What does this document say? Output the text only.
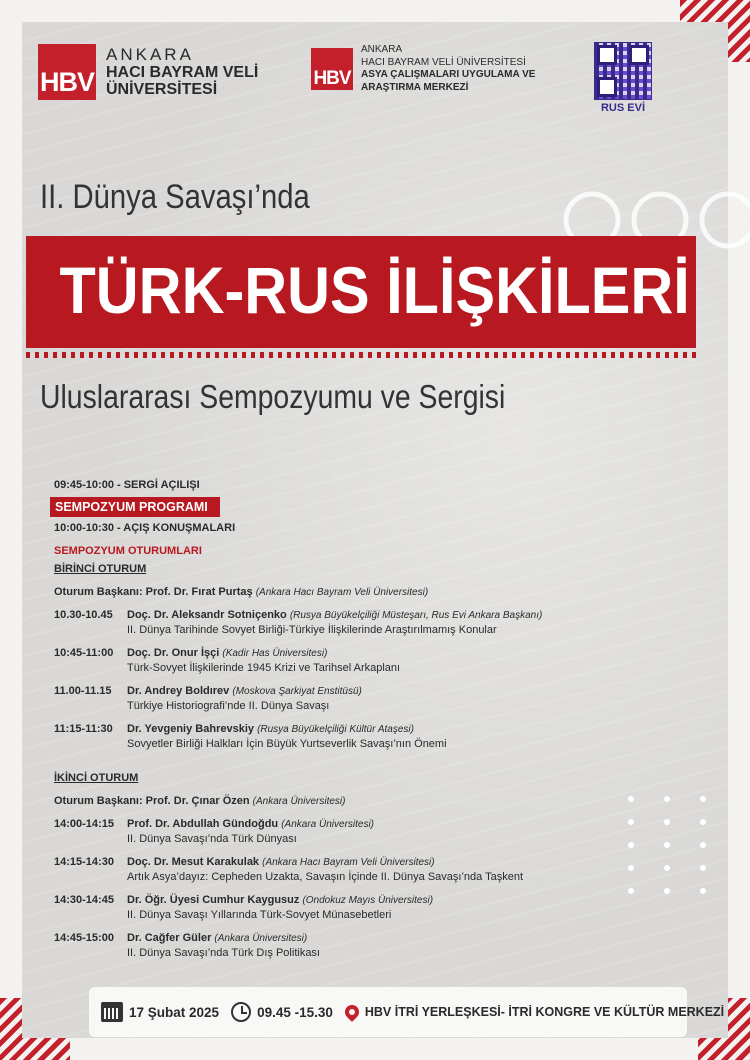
HBV
ANKARA
HACI BAYRAM VELİ
ÜNİVERSİTESİ
HBV
ANKARA
HACI BAYRAM VELİ ÜNİVERSİTESİ
ASYA ÇALIŞMALARI UYGULAMA VE
ARAŞTIRMA MERKEZİ
RUS EVİ
II. Dünya Savaşı’nda
TÜRK-RUS İLİŞKİLERİ
Uluslararası Sempozyumu ve Sergisi
09:45-10:00 - SERGİ AÇILIŞI
SEMPOZYUM PROGRAMI
10:00-10:30 - AÇIŞ KONUŞMALARI
SEMPOZYUM OTURUMLARI
BİRİNCİ OTURUM
Oturum Başkanı: Prof. Dr. Fırat Purtaş (Ankara Hacı Bayram Veli Üniversitesi)
10.30-10.45	Doç. Dr. Aleksandr Sotniçenko (Rusya Büyükelçiliği Müsteşarı, Rus Evi Ankara Başkanı)
II. Dünya Tarihinde Sovyet Birliği-Türkiye İlişkilerinde Araştırılmamış Konular
10:45-11:00	Doç. Dr. Onur İşçi (Kadir Has Üniversitesi)
Türk-Sovyet İlişkilerinde 1945 Krizi ve Tarihsel Arkaplanı
11.00-11.15	Dr. Andrey Boldırev (Moskova Şarkiyat Enstitüsü)
Türkiye Historiografi’nde II. Dünya Savaşı
11:15-11:30	Dr. Yevgeniy Bahrevskiy (Rusya Büyükelçiliği Kültür Ataşesi)
Sovyetler Birliği Halkları İçin Büyük Yurtseverlik Savaşı’nın Önemi
İKİNCİ OTURUM
Oturum Başkanı: Prof. Dr. Çınar Özen (Ankara Üniversitesi)
14:00-14:15	Prof. Dr. Abdullah Gündoğdu (Ankara Üniversitesi)
II. Dünya Savaşı’nda Türk Dünyası
14:15-14:30	Doç. Dr. Mesut Karakulak (Ankara Hacı Bayram Veli Üniversitesi)
Artık Asya’dayız: Cepheden Uzakta, Savaşın İçinde II. Dünya Savaşı’nda Taşkent
14:30-14:45	Dr. Öğr. Üyesi Cumhur Kaygusuz (Ondokuz Mayıs Üniversitesi)
II. Dünya Savaşı Yıllarında Türk-Sovyet Münasebetleri
14:45-15:00	Dr. Cağfer Güler (Ankara Üniversitesi)
II. Dünya Savaşı’nda Türk Dış Politikası
17 Şubat 2025	09.45 -15.30	HBV İTRİ YERLEŞKESİ- İTRİ KONGRE VE KÜLTÜR MERKEZİ
